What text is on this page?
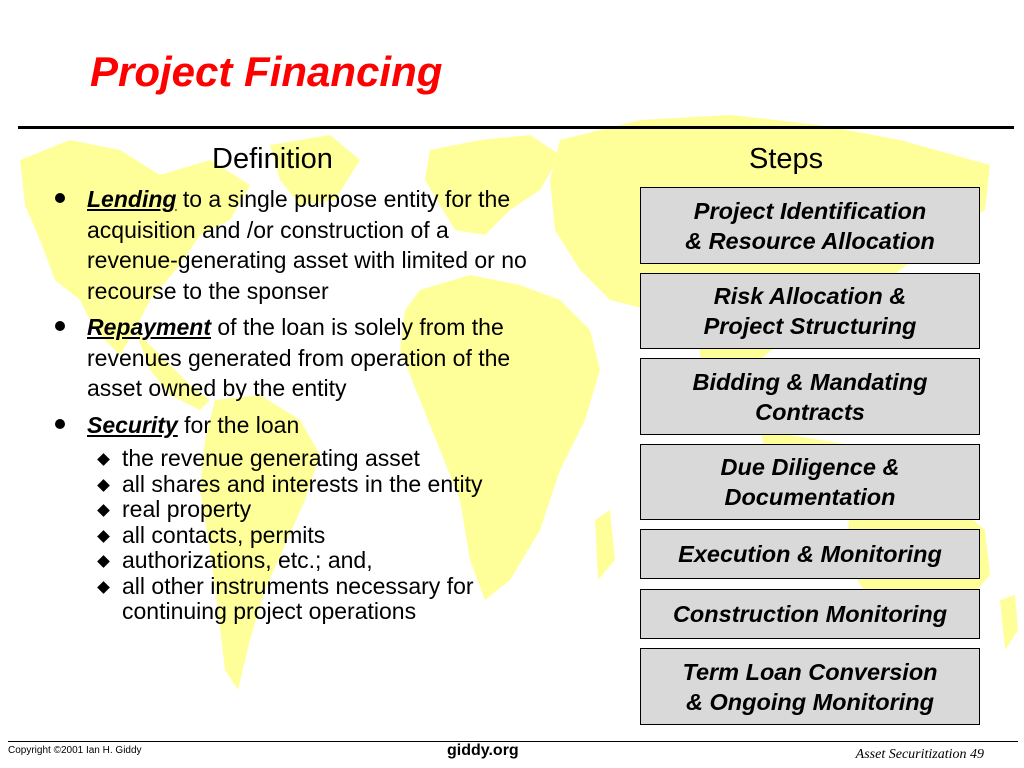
Project Financing
Definition	Steps
Lending to a single purpose entity for the acquisition and /or construction of a revenue-generating asset with limited or no recourse to the sponser
Repayment of the loan is solely from the revenues generated from operation of the asset owned by the entity
Security for the loan
the revenue generating asset
all shares and interests in the entity
real property
all contacts, permits
authorizations, etc.; and,
all other instruments necessary for continuing project operations
Project Identification
& Resource Allocation
Risk Allocation &
Project Structuring
Bidding & Mandating
Contracts
Due Diligence &
Documentation
Execution & Monitoring
Construction Monitoring
Term Loan Conversion
& Ongoing Monitoring
Copyright ©2001 Ian H. Giddy	giddy.org	Asset Securitization 49
